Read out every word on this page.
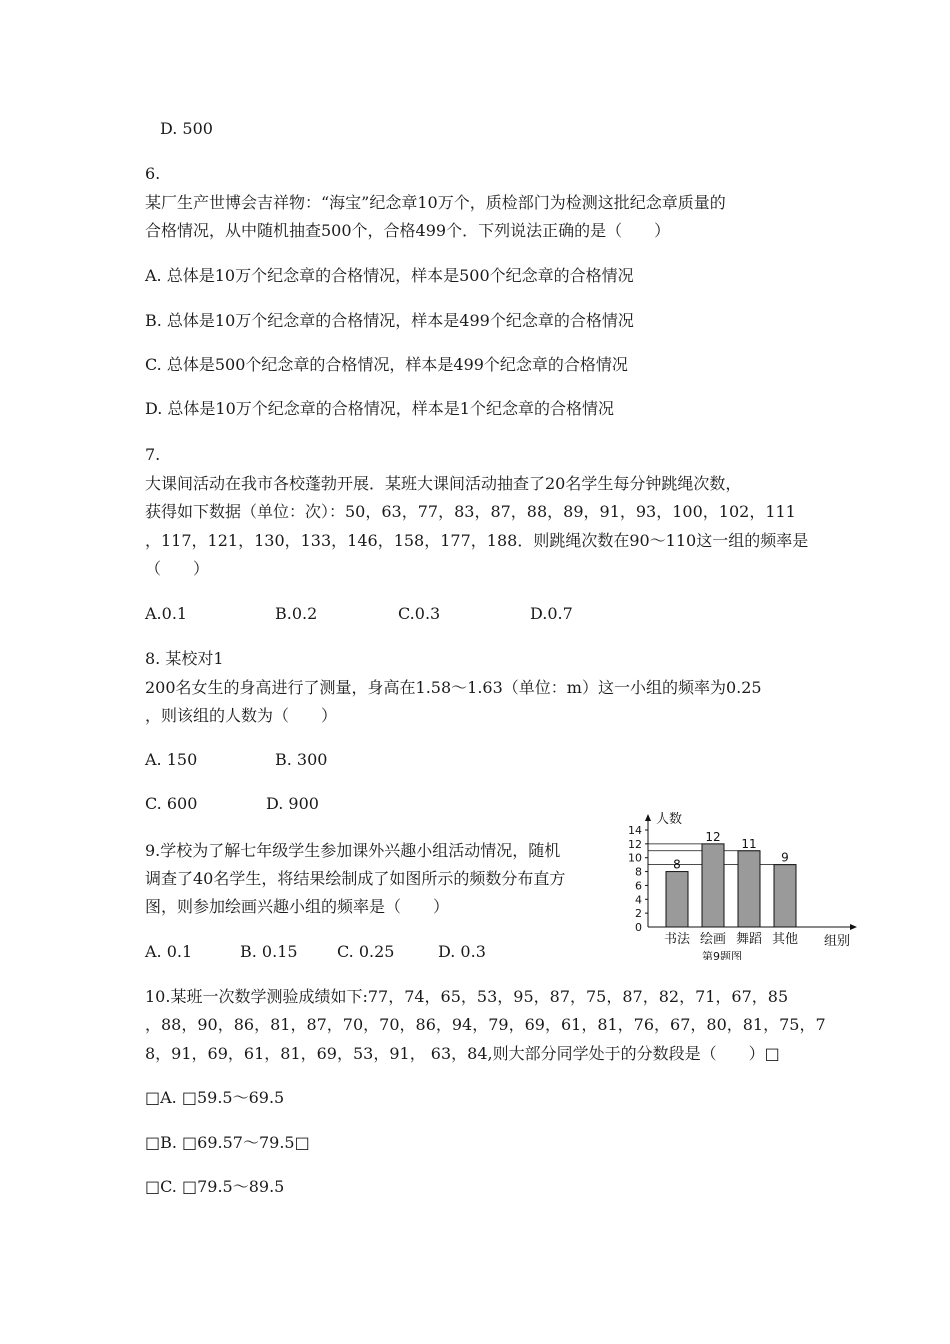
D. 500
6.
某厂生产世博会吉祥物：“海宝”纪念章10万个，质检部门为检测这批纪念章质量的
合格情况，从中随机抽查500个，合格499个．下列说法正确的是（　　）
A. 总体是10万个纪念章的合格情况，样本是500个纪念章的合格情况
B. 总体是10万个纪念章的合格情况，样本是499个纪念章的合格情况
C. 总体是500个纪念章的合格情况，样本是499个纪念章的合格情况
D. 总体是10万个纪念章的合格情况，样本是1个纪念章的合格情况
7.
大课间活动在我市各校蓬勃开展．某班大课间活动抽查了20名学生每分钟跳绳次数，
获得如下数据（单位：次）：50，63，77，83，87，88，89，91，93，100，102，111
，117，121，130，133，146，158，177，188．则跳绳次数在90～110这一组的频率是
（　　）
A.0.1	B.0.2	C.0.3	D.0.7
8. 某校对1
200名女生的身高进行了测量，身高在1.58～1.63（单位：m）这一小组的频率为0.25
，则该组的人数为（　　）
A. 150	B. 300
C. 600	D. 900
9.学校为了解七年级学生参加课外兴趣小组活动情况，随机
调查了40名学生，将结果绘制成了如图所示的频数分布直方
图，则参加绘画兴趣小组的频率是（　　）
A. 0.1	B. 0.15 C. 0.25	D. 0.3
0
2
4
6
8
10
12
14
8
书法
12
绘画
11
舞蹈
9
其他
人数
组别
第9题图
10.某班一次数学测验成绩如下:77，74，65，53，95，87，75，87，82，71，67，85
，88，90，86，81，87，70，70，86，94，79，69，61，81，76，67，80，81，75，7
8，91，69，61，81，69，53，91， 63，84,则大部分同学处于的分数段是（　　）□
□A. □59.5～69.5
□B. □69.57～79.5□
□C. □79.5～89.5
